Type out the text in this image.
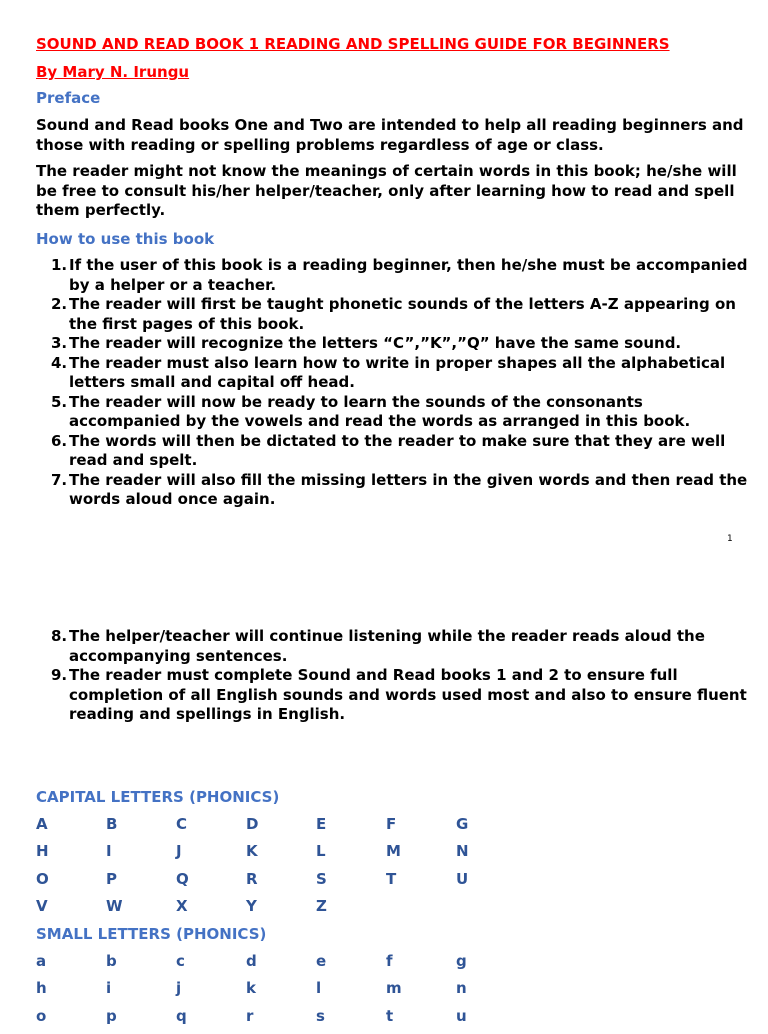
SOUND AND READ BOOK 1 READING AND SPELLING GUIDE FOR BEGINNERS
By Mary N. Irungu
Preface
Sound and Read books One and Two are intended to help all reading beginners and those with reading or spelling problems regardless of age or class.
The reader might not know the meanings of certain words in this book; he/she will be free to consult his/her helper/teacher, only after learning how to read and spell them perfectly.
How to use this book
1. If the user of this book is a reading beginner, then he/she must be accompanied by a helper or a teacher.
2. The reader will first be taught phonetic sounds of the letters A-Z appearing on the first pages of this book.
3. The reader will recognize the letters “C”,”K”,”Q” have the same sound.
4. The reader must also learn how to write in proper shapes all the alphabetical letters small and capital off head.
5. The reader will now be ready to learn the sounds of the consonants accompanied by the vowels and read the words as arranged in this book.
6. The words will then be dictated to the reader to make sure that they are well read and spelt.
7. The reader will also fill the missing letters in the given words and then read the words aloud once again.
8. The helper/teacher will continue listening while the reader reads aloud the accompanying sentences.
9. The reader must complete Sound and Read books 1 and 2 to ensure full completion of all English sounds and words used most and also to ensure fluent reading and spellings in English.
CAPITAL LETTERS (PHONICS)
A	B	C	D	E	F	G
H	I	J	K	L	M	N
O	P	Q	R	S	T	U
V	W	X	Y	Z
SMALL LETTERS (PHONICS)
a	b	c	d	e	f	g
h	i	j	k	l	m	n
o	p	q	r	s	t	u
1
